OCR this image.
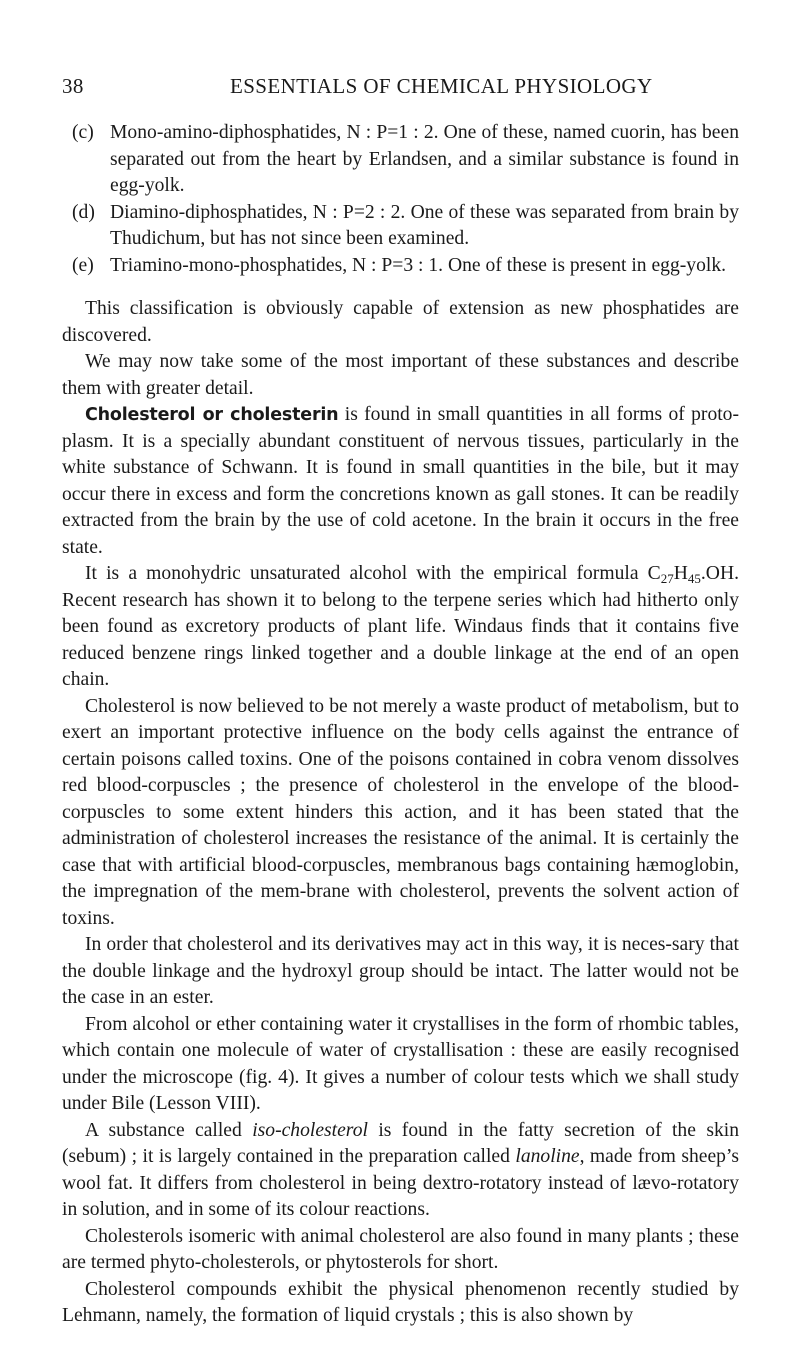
38	ESSENTIALS OF CHEMICAL PHYSIOLOGY
(c) Mono-amino-diphosphatides, N : P=1 : 2. One of these, named cuorin, has been separated out from the heart by Erlandsen, and a similar substance is found in egg-yolk.
(d) Diamino-diphosphatides, N : P=2 : 2. One of these was separated from brain by Thudichum, but has not since been examined.
(e) Triamino-mono-phosphatides, N : P=3 : 1. One of these is present in egg-yolk.

This classification is obviously capable of extension as new phosphatides are discovered.

We may now take some of the most important of these substances and describe them with greater detail.

Cholesterol or cholesterin is found in small quantities in all forms of proto-plasm. It is a specially abundant constituent of nervous tissues, particularly in the white substance of Schwann. It is found in small quantities in the bile, but it may occur there in excess and form the concretions known as gall stones. It can be readily extracted from the brain by the use of cold acetone. In the brain it occurs in the free state.

It is a monohydric unsaturated alcohol with the empirical formula $C_{27}H_{45}.OH$. Recent research has shown it to belong to the terpene series which had hitherto only been found as excretory products of plant life. Windaus finds that it contains five reduced benzene rings linked together and a double linkage at the end of an open chain.

Cholesterol is now believed to be not merely a waste product of metabolism, but to exert an important protective influence on the body cells against the entrance of certain poisons called toxins. One of the poisons contained in cobra venom dissolves red blood-corpuscles ; the presence of cholesterol in the envelope of the blood-corpuscles to some extent hinders this action, and it has been stated that the administration of cholesterol increases the resistance of the animal. It is certainly the case that with artificial blood-corpuscles, membranous bags containing hæmoglobin, the impregnation of the mem-brane with cholesterol, prevents the solvent action of toxins.

In order that cholesterol and its derivatives may act in this way, it is neces-sary that the double linkage and the hydroxyl group should be intact. The latter would not be the case in an ester.

From alcohol or ether containing water it crystallises in the form of rhombic tables, which contain one molecule of water of crystallisation : these are easily recognised under the microscope (fig. 4). It gives a number of colour tests which we shall study under Bile (Lesson VIII).

A substance called iso-cholesterol is found in the fatty secretion of the skin (sebum) ; it is largely contained in the preparation called lanoline, made from sheep’s wool fat. It differs from cholesterol in being dextro-rotatory instead of lævo-rotatory in solution, and in some of its colour reactions.

Cholesterols isomeric with animal cholesterol are also found in many plants ; these are termed phyto-cholesterols, or phytosterols for short.

Cholesterol compounds exhibit the physical phenomenon recently studied by Lehmann, namely, the formation of liquid crystals ; this is also shown by
